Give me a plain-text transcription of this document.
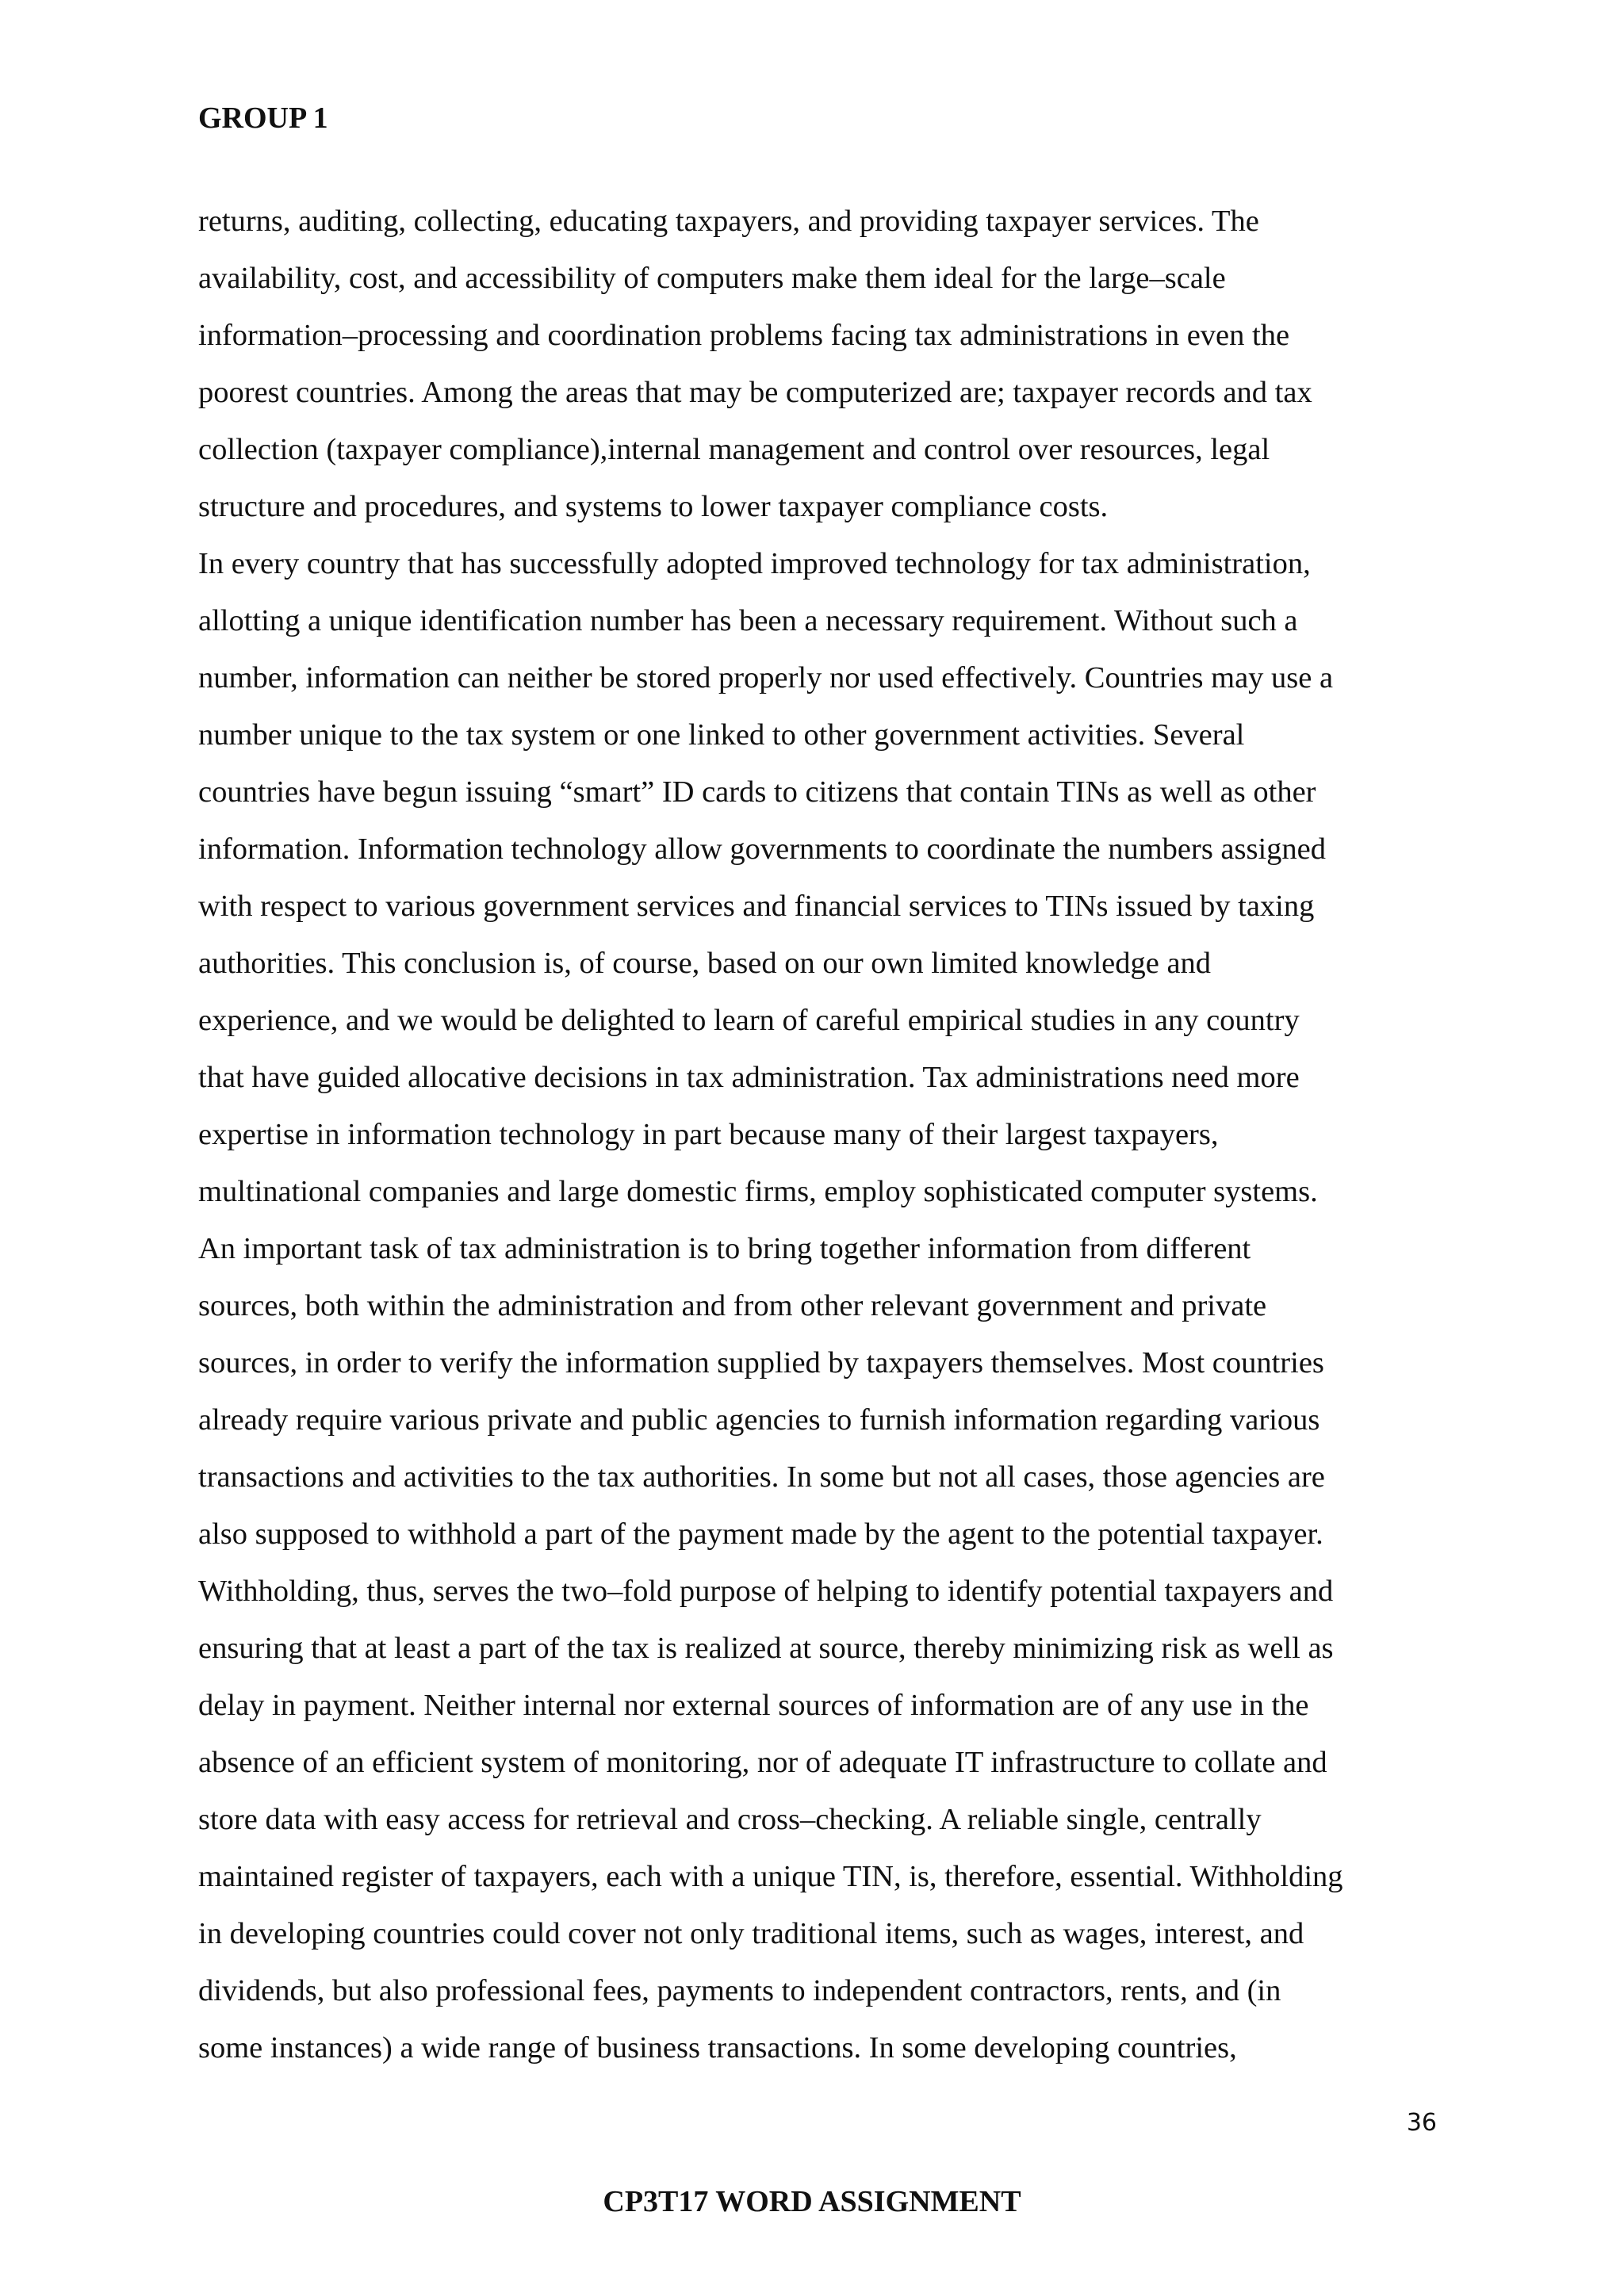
GROUP 1
returns, auditing, collecting, educating taxpayers, and providing taxpayer services. The
availability, cost, and accessibility of computers make them ideal for the large–scale
information–processing and coordination problems facing tax administrations in even the
poorest countries. Among the areas that may be computerized are; taxpayer records and tax
collection (taxpayer compliance),internal management and control over resources, legal
structure and procedures, and systems to lower taxpayer compliance costs.
In every country that has successfully adopted improved technology for tax administration,
allotting a unique identification number has been a necessary requirement. Without such a
number, information can neither be stored properly nor used effectively. Countries may use a
number unique to the tax system or one linked to other government activities. Several
countries have begun issuing “smart” ID cards to citizens that contain TINs as well as other
information. Information technology allow governments to coordinate the numbers assigned
with respect to various government services and financial services to TINs issued by taxing
authorities. This conclusion is, of course, based on our own limited knowledge and
experience, and we would be delighted to learn of careful empirical studies in any country
that have guided allocative decisions in tax administration. Tax administrations need more
expertise in information technology in part because many of their largest taxpayers,
multinational companies and large domestic firms, employ sophisticated computer systems.
An important task of tax administration is to bring together information from different
sources, both within the administration and from other relevant government and private
sources, in order to verify the information supplied by taxpayers themselves. Most countries
already require various private and public agencies to furnish information regarding various
transactions and activities to the tax authorities. In some but not all cases, those agencies are
also supposed to withhold a part of the payment made by the agent to the potential taxpayer.
Withholding, thus, serves the two–fold purpose of helping to identify potential taxpayers and
ensuring that at least a part of the tax is realized at source, thereby minimizing risk as well as
delay in payment. Neither internal nor external sources of information are of any use in the
absence of an efficient system of monitoring, nor of adequate IT infrastructure to collate and
store data with easy access for retrieval and cross–checking. A reliable single, centrally
maintained register of taxpayers, each with a unique TIN, is, therefore, essential. Withholding
in developing countries could cover not only traditional items, such as wages, interest, and
dividends, but also professional fees, payments to independent contractors, rents, and (in
some instances) a wide range of business transactions. In some developing countries,
36
CP3T17 WORD ASSIGNMENT
